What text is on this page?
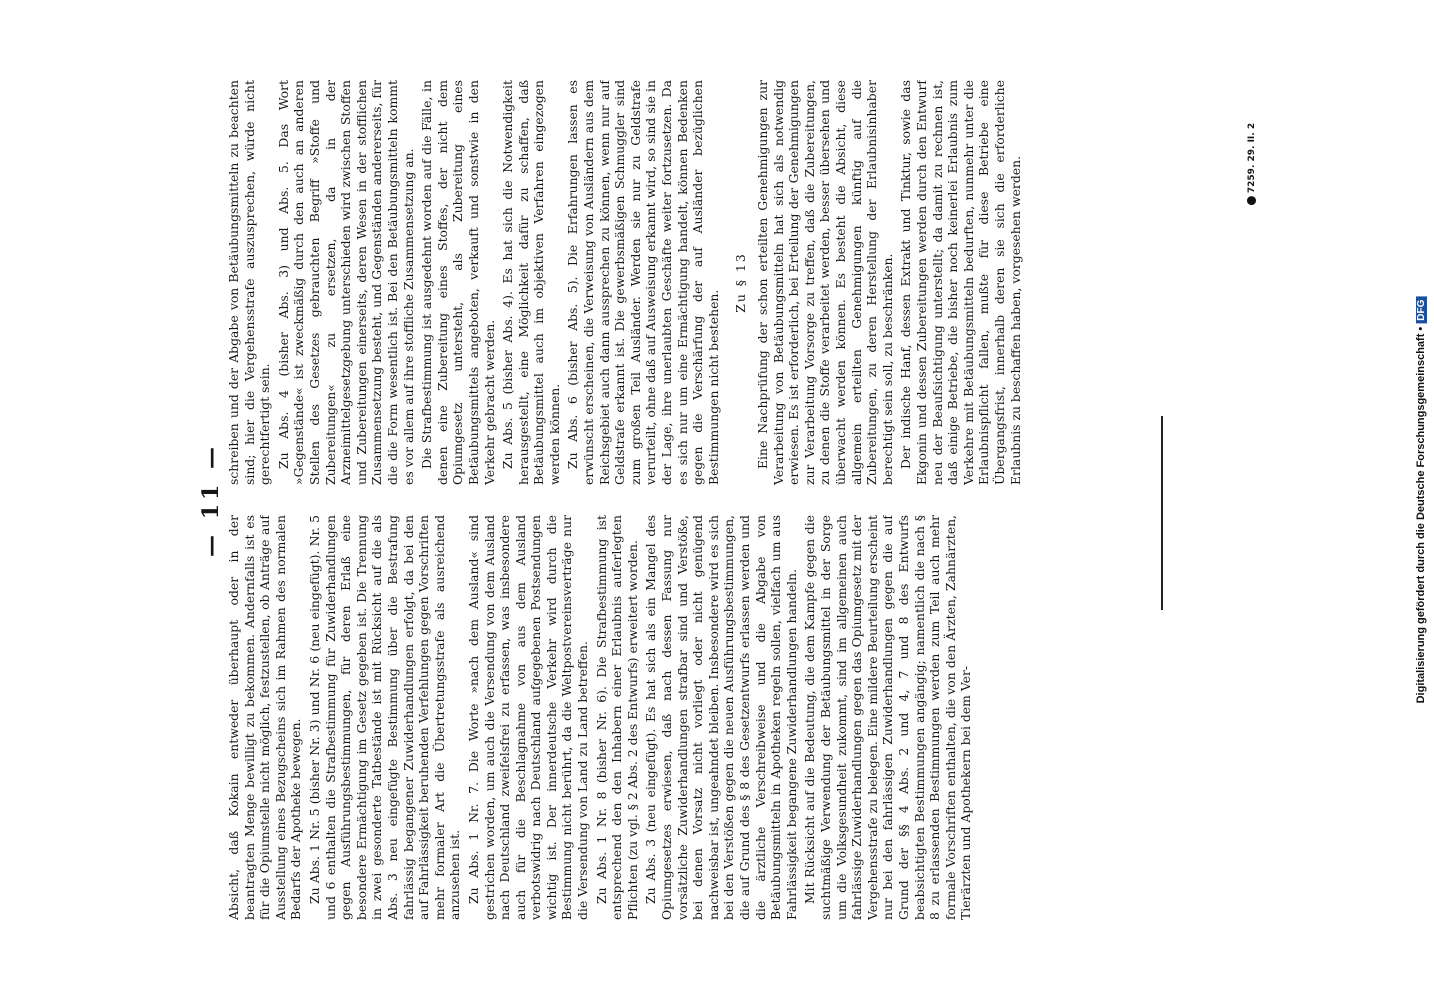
— 11 —

Absicht, daß Kokain entweder überhaupt oder in der beantragten Menge bewilligt zu bekommen. Andernfalls ist es für die Opiumstelle nicht möglich, festzustellen, ob Anträge auf Ausstellung eines Bezugscheins sich im Rahmen des normalen Bedarfs der Apotheke bewegen. Zu Abs. 1 Nr. 5 (bisher Nr. 3) und Nr. 6 (neu eingefügt). Nr. 5 und 6 enthalten die Strafbestimmung für Zuwiderhandlungen gegen Ausführungsbestimmungen, für deren Erlaß eine besondere Ermächtigung im Gesetz gegeben ist. Die Trennung in zwei gesonderte Tatbestände ist mit Rücksicht auf die als Abs. 3 neu eingefügte Bestimmung über die Bestrafung fahrlässig begangener Zuwiderhandlungen erfolgt, da bei den auf Fahrlässigkeit beruhenden Verfehlungen gegen Vorschriften mehr formaler Art die Übertretungsstrafe als ausreichend anzusehen ist. Zu Abs. 1 Nr. 7. Die Worte »nach dem Ausland« sind gestrichen worden, um auch die Versendung von dem Ausland nach Deutschland zweifelsfrei zu erfassen, was insbesondere auch für die Beschlagnahme von aus dem Ausland verbotswidrig nach Deutschland aufgegebenen Postsendungen wichtig ist. Der innerdeutsche Verkehr wird durch die Bestimmung nicht berührt, da die Weltpostvereinsverträge nur die Versendung von Land zu Land betreffen. Zu Abs. 1 Nr. 8 (bisher Nr. 6). Die Strafbestimmung ist entsprechend den den Inhabern einer Erlaubnis auferlegten Pflichten (zu vgl. § 2 Abs. 2 des Entwurfs) erweitert worden. Zu Abs. 3 (neu eingefügt). Es hat sich als ein Mangel des Opiumgesetzes erwiesen, daß nach dessen Fassung nur vorsätzliche Zuwiderhandlungen strafbar sind und Verstöße, bei denen Vorsatz nicht vorliegt oder nicht genügend nachweisbar ist, ungeahndet bleiben. Insbesondere wird es sich bei den Verstößen gegen die neuen Ausführungsbestimmungen, die auf Grund des § 8 des Gesetzentwurfs erlassen werden und die ärztliche Verschreibweise und die Abgabe von Betäubungsmitteln in Apotheken regeln sollen, vielfach um aus Fahrlässigkeit begangene Zuwiderhandlungen handeln. Mit Rücksicht auf die Bedeutung, die dem Kampfe gegen die suchtmäßige Verwendung der Betäubungsmittel in der Sorge um die Volksgesundheit zukommt, sind im allgemeinen auch fahrlässige Zuwiderhandlungen gegen das Opiumgesetz mit der Vergehensstrafe zu belegen. Eine mildere Beurteilung erscheint nur bei den fahrlässigen Zuwiderhandlungen gegen die auf Grund der §§ 4 Abs. 2 und 4, 7 und 8 des Entwurfs beabsichtigten Bestimmungen angängig; namentlich die nach § 8 zu erlassenden Bestimmungen werden zum Teil auch mehr formale Vorschriften enthalten, die von den Ärzten, Zahnärzten, Tierärzten und Apothekern bei dem Ver-

schreiben und der Abgabe von Betäubungsmitteln zu beachten sind; hier die Vergehensstrafe auszusprechen, würde nicht gerechtfertigt sein. Zu Abs. 4 (bisher Abs. 3) und Abs. 5. Das Wort »Gegenstände« ist zweckmäßig durch den auch an anderen Stellen des Gesetzes gebrauchten Begriff »Stoffe und Zubereitungen« zu ersetzen, da in der Arzneimittelgesetzgebung unterschieden wird zwischen Stoffen und Zubereitungen einerseits, deren Wesen in der stofflichen Zusammensetzung besteht, und Gegenständen andererseits, für die die Form wesentlich ist. Bei den Betäubungsmitteln kommt es vor allem auf ihre stoffliche Zusammensetzung an. Die Strafbestimmung ist ausgedehnt worden auf die Fälle, in denen eine Zubereitung eines Stoffes, der nicht dem Opiumgesetz untersteht, als Zubereitung eines Betäubungsmittels angeboten, verkauft und sonstwie in den Verkehr gebracht werden. Zu Abs. 5 (bisher Abs. 4). Es hat sich die Notwendigkeit herausgestellt, eine Möglichkeit dafür zu schaffen, daß Betäubungsmittel auch im objektiven Verfahren eingezogen werden können. Zu Abs. 6 (bisher Abs. 5). Die Erfahrungen lassen es erwünscht erscheinen, die Verweisung von Ausländern aus dem Reichsgebiet auch dann aussprechen zu können, wenn nur auf Geldstrafe erkannt ist. Die gewerbsmäßigen Schmuggler sind zum großen Teil Ausländer. Werden sie nur zu Geldstrafe verurteilt, ohne daß auf Ausweisung erkannt wird, so sind sie in der Lage, ihre unerlaubten Geschäfte weiter fortzusetzen. Da es sich nur um eine Ermächtigung handelt, können Bedenken gegen die Verschärfung der auf Ausländer bezüglichen Bestimmungen nicht bestehen.

Zu § 13 Eine Nachprüfung der schon erteilten Genehmigungen zur Verarbeitung von Betäubungsmitteln hat sich als notwendig erwiesen. Es ist erforderlich, bei Erteilung der Genehmigungen zur Verarbeitung Vorsorge zu treffen, daß die Zubereitungen, zu denen die Stoffe verarbeitet werden, besser übersehen und überwacht werden können. Es besteht die Absicht, diese allgemein erteilten Genehmigungen künftig auf die Zubereitungen, zu deren Herstellung der Erlaubnisinhaber berechtigt sein soll, zu beschränken. Der indische Hanf, dessen Extrakt und Tinktur, sowie das Ekgonin und dessen Zubereitungen werden durch den Entwurf neu der Beaufsichtigung unterstellt; da damit zu rechnen ist, daß einige Betriebe, die bisher noch keinerlei Erlaubnis zum Verkehre mit Betäubungsmitteln bedurften, nunmehr unter die Erlaubnispflicht fallen, mußte für diese Betriebe eine Übergangsfrist, innerhalb deren sie sich die erforderliche Erlaubnis zu beschaffen haben, vorgesehen werden.	7259. 29. II. 2
Digitalisierung gefördert durch die Deutsche Forschungsgemeinschaft •DFG
